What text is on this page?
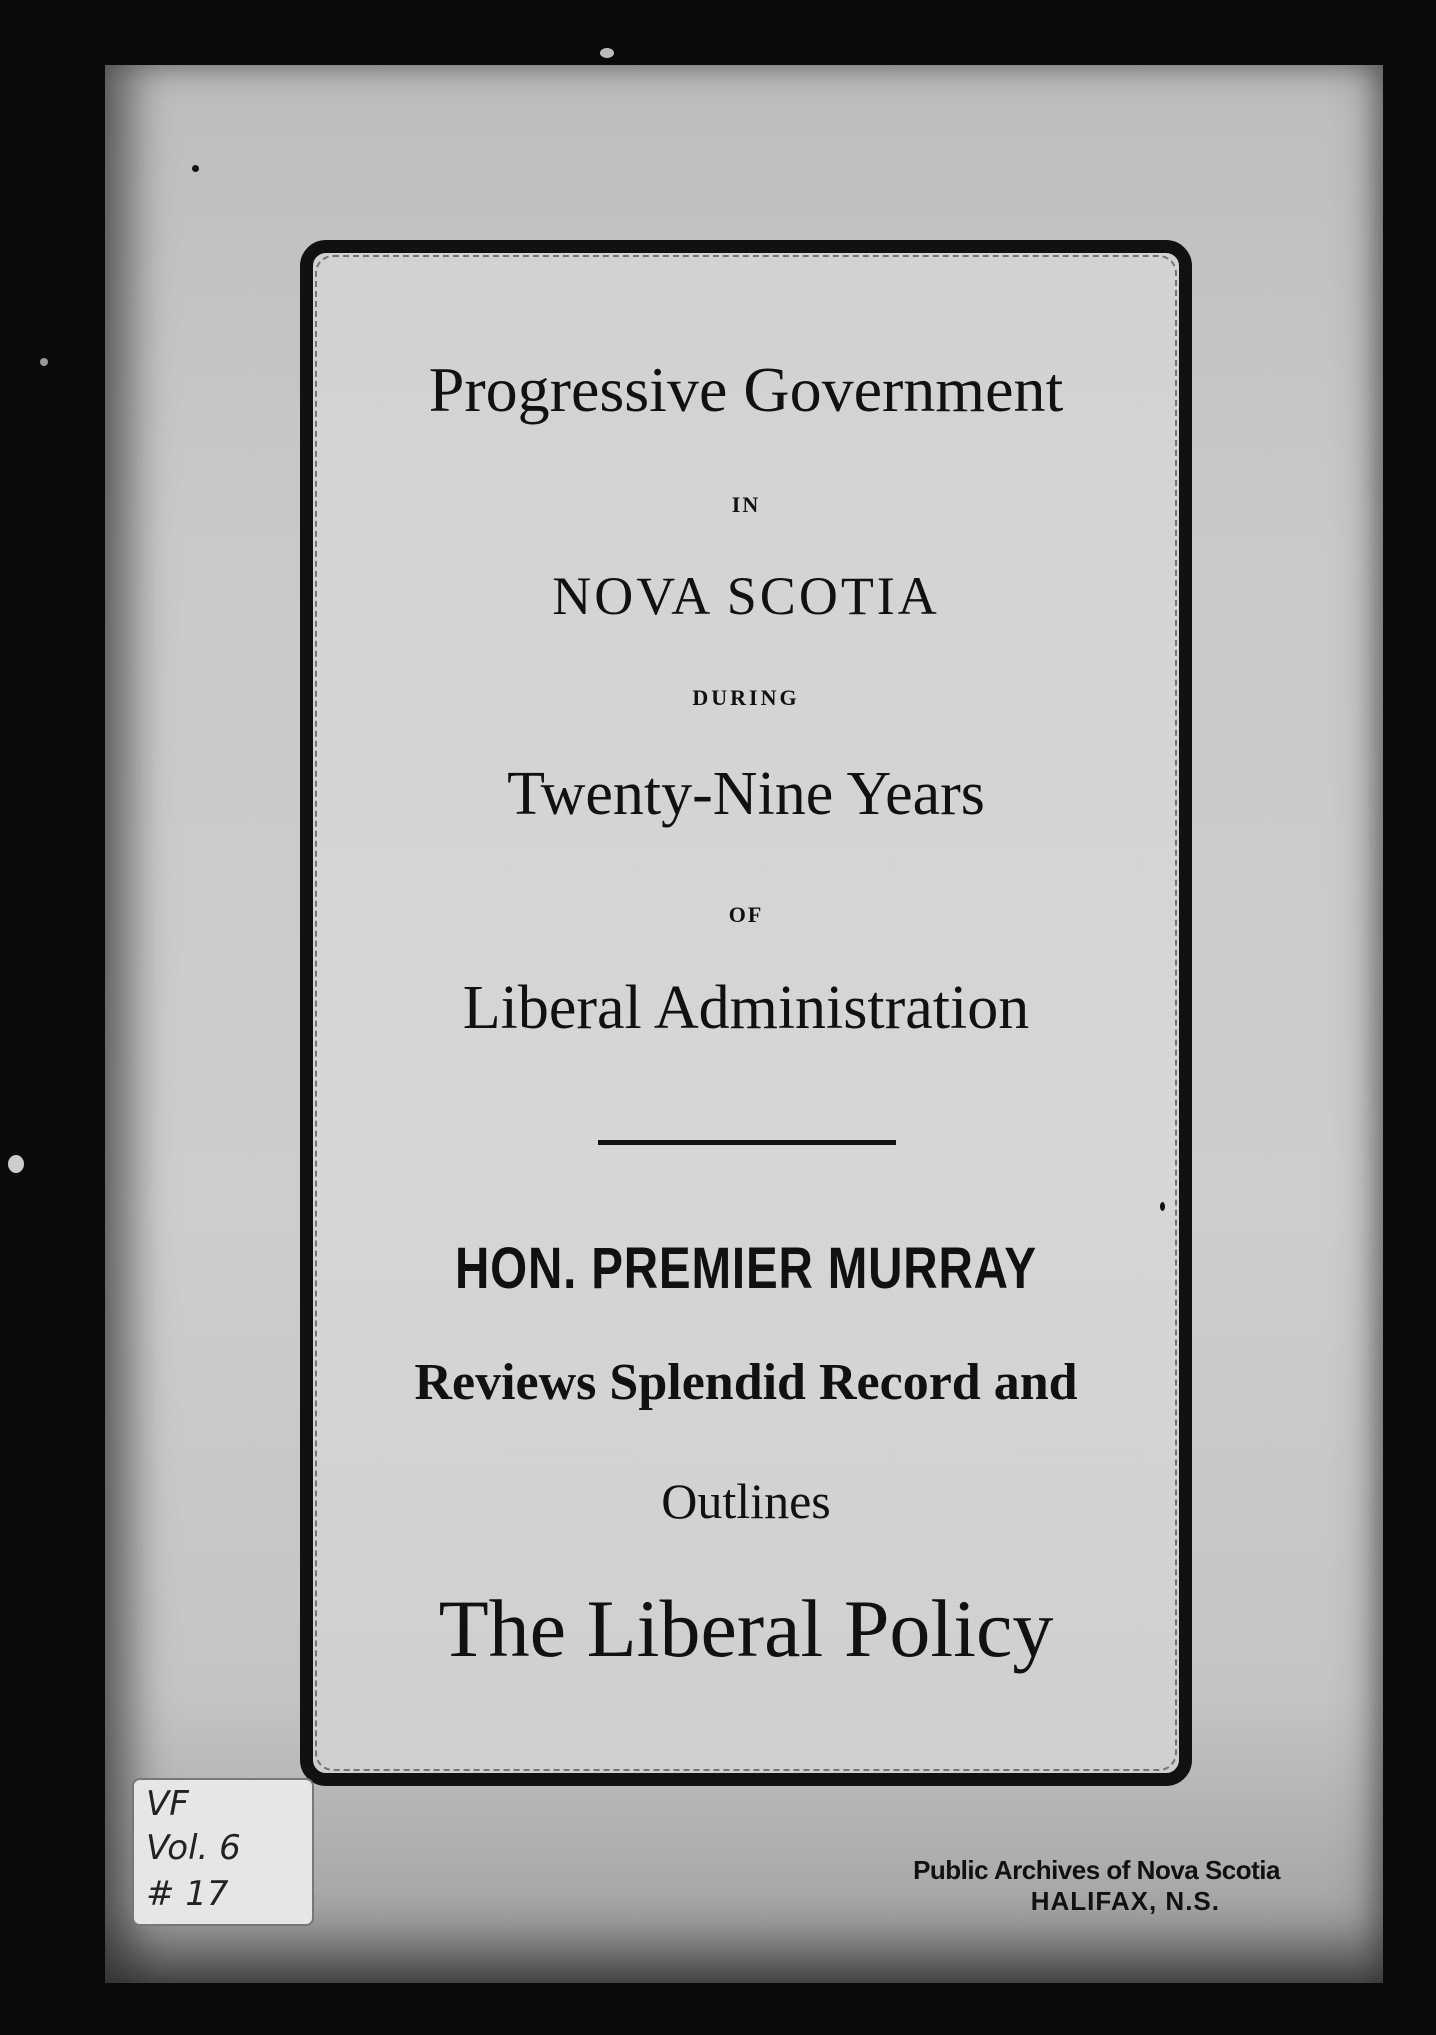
Progressive Government
IN
NOVA SCOTIA
DURING
Twenty-Nine Years
OF
Liberal Administration
HON. PREMIER MURRAY
Reviews Splendid Record and
Outlines
The Liberal Policy
VF
Vol. 6
# 17
Public Archives of Nova Scotia
HALIFAX, N.S.
